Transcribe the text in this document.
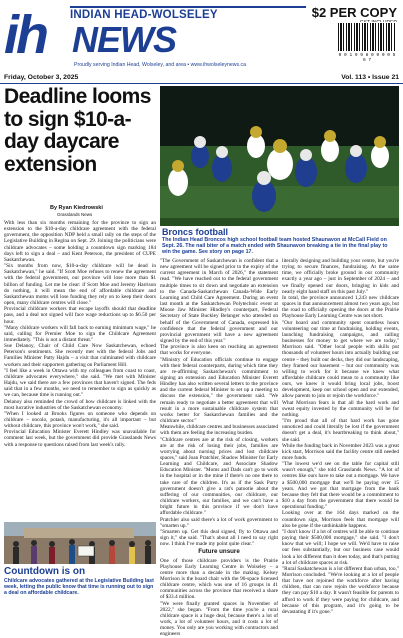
INDIAN HEAD-WOLSELEY
ih NEWS
Proudly serving Indian Head, Wolseley, and area • www.ihwolseleynews.ca
$2 PER COPY
0 0 1 9 9 8 0 0 0 0 5 6 7
Friday, October 3, 2025	Vol. 113 • Issue 21
Deadline looms to sign $10-a-day daycare extension
By Ryan Kiedrowski
Grasslands News

With less than six months remaining for the province to sign an extension to the $10-a-day childcare agreement with the federal government, the opposition NDP held a small rally on the steps of the Legislative Building in Regina on Sept. 29. Joining the politicians were childcare advocates – some holding a countdown sign marking 184 days left to sign a deal – and Kent Peterson, the president of CUPE Saskatchewan.

"Six months from now, $10-a-day childcare will be dead in Saskatchewan," he said. "If Scott Moe refuses to renew the agreement with the federal government, our province will lose more than $1 billion of funding. Let me be clear: if Scott Moe and Jeremy Harrison do nothing, it will mean the end of affordable childcare and Saskatchewan moms will lose funding they rely on to keep their doors open, many childcare centres will close."

Provincial childcare workers that escape layoffs should that deadline pass, and a deal not signed will face wage reductions up to $6.50 per hour.

"Many childcare workers will fall back to earning minimum wage," he said, calling for Premier Moe to sign the Childcare Agreement immediately. "This is not a distant threat."

Sue Delanoy, Chair of Child Care Now Saskatchewan, echoed Peterson's sentiments. She recently met with the federal Jobs and Families Minister Patty Hajdu – a visit that culminated with childcare workers and their supporters gathering on Parliament Hill.

"I feel like a week in Ottawa with my colleagues from coast to coast, childcare advocates everywhere," she said. "We met with Minister Hajdu, we said there are a few provinces that haven't signed. The feds said that in a few months, we need to remember to sign as quickly as we can, because time is running out."

Delanoy also reminded the crowd of how childcare is linked with the most lucrative industries of the Saskatchewan economy.

"When I looked at Brooks figures on someone who depends on childcare – oncolo, potash, manufacturing, it's all important – but without childcare, this province won't work," she said.

Provincial Education Minister Everett Hindley was unavailable for comment last week, but the government did provide Grasslands News with a response to questions raised from last week's rally.

Countdown is on
Childcare advocates gathered at the Legislative Building last week, letting the public know that time is running out to sign a deal on affordable childcare.
Broncs football
The Indian Head Broncos high school football team hosted Shaunavon at McCall Field on Sept. 26. The nail biter of a match ended with Shaunavon breaking a tie in the final play to win the game. See story on page 17.

"The Government of Saskatchewan is confident that a new agreement will be signed prior to the expiry of the current agreement in March of 2026," the statement read. "We have reached out to the federal government multiple times to sit down and negotiate an extension to the Canada-Saskatchewan Canada-Wide Early Learning and Child Care Agreement. During an event last month at the Saskatchewan Polytechnic event at Moose Jaw Minister Hindley's counterpart, Federal Secretary of State Buckley Belanger who attended on behalf of the Government of Canada, expressed his confidence that the federal government and our provincial government will have a new agreement signed by the end of this year."

The province is also keen on reaching an agreement that works for everyone.

"Ministry of Education officials continue to engage with their federal counterparts, during which time they are re-affirming Saskatchewan's commitment to signing an extension and Education Minister Everett Hindley has also written several letters to the province and the current federal Minister to set up a meeting to discuss the extension," the government said. "We remain ready to negotiate a better agreement that will result in a more sustainable childcare system that works better for Saskatchewan families and the childcare sector."

Meanwhile, childcare centres and businesses associated with them are feeling the increasing burden.

"Childcare centres are at the risk of closing, workers are at the risk of losing their jobs, families are worrying about nursing prices and lost childcare spaces," said Joan Pratchler, Shadow Minister for Early Learning and Childcare, and Associate Shadow Education Minister. "Moms and Dads can't go to work in the hospital or in the mine if there's no one there to take care of the children. It's as if the Sask Party government doesn't give a rat's patootie about the suffering of our communities, our childcare, our childcare workers, our families, and we can't have a bright future in this province if we don't have affordable childcare."

Pratchler also said there's a lot of work government to "smarten up."

"Smarten up. Get this deal signed, fly to Ottawa and sign it," she said. "That's about all I need to say right now. I think I've made my point quite clear."

Future unsure

One of those childcare providers is the Prairie Playhouse Early Learning Centre in Wolseley – a centre more than a decade in the making. Kelsey Morrison is the board chair with the 90-space licensed childcare centre, which was one of 16 groups in 41 communities across the province that received a share of $33.4 million.

"We were finally granted spaces in November of 2022," she began. "From the time you're a rural childcare space is a huge deal, because there's a lot of work, a lot of volunteer hours, and it costs a lot of money. You only are you working with contractors and engineers

literally designing and building your centre, but you're trying to secure finances, fundraising. At the same time, we officially broke ground in our community exactly a year ago – just in September of 2024 – and we finally opened our doors, bringing in kids and nearly eight hand staff on this past July."

In total, the province announced 1,243 new childcare spaces in that announcement almost two years ago, but the road to officially opening the doors at the Prairie Playhouse Early Learning Centre was not short.

"Our board and community spent countless hours volunteering our time at fundraising, holding events, launching fundraising campaigns, and calling businesses for money to get where we are today," Morrison said. "Other local people with skills put thousands of volunteer hours into actually building our centre – they built our decks, they did our landscaping, they framed our basement – but our community was willing to work for it because we knew what affordable childcare could mean to a community like ours, we knew it would bring local jobs, boost development, keep our school open and our extended, allow parents to join or rejoin the workforce."

What Morrison fears is that all the hard work and sweat equity invested by the community will be for nothing.

"I'm proud that all of that hard work has gone unnoticed and could literally be lost if the government doesn't get a deal, it's heartbreaking to think about," she said.

While the funding back in November 2023 was a great kick start, Morrison said the facility centre still needed more funds.

"The lowest we'd see on the table for capital still wasn't enough," she told Grasslands News. "A lot of centres like ours have to take out a mortgage. We have a $500,000 mortgage that we'll be paying over 15 years. And we got that mortgage from the bank because they felt that there would be a commitment to $10 a day from the government that there would be operational funding."

Looking over at the 164 days marked on the countdown sign, Morrison feels that mortgage will also be gone if the unthinkable happens.

"I don't know if a lot of centres will be able to continue paying their $500,000 mortgage," she said. "I don't know that we will; I hope we will. We'd have to raise our fees substantially, but our business case would look a lot different than it does today, and that's putting a lot of childcare spaces at risk.

"Rural Saskatchewan is a lot different than urban, too," Morrison concluded. "We're looking at a lot of people that have not rejoined the workforce after having children, that can now rejoin the workforce because they can pay $10 a day. It wasn't feasible for parents to afford to work if they were paying for childcare, and because of this program, and it's going to be devastating if it's gone."
